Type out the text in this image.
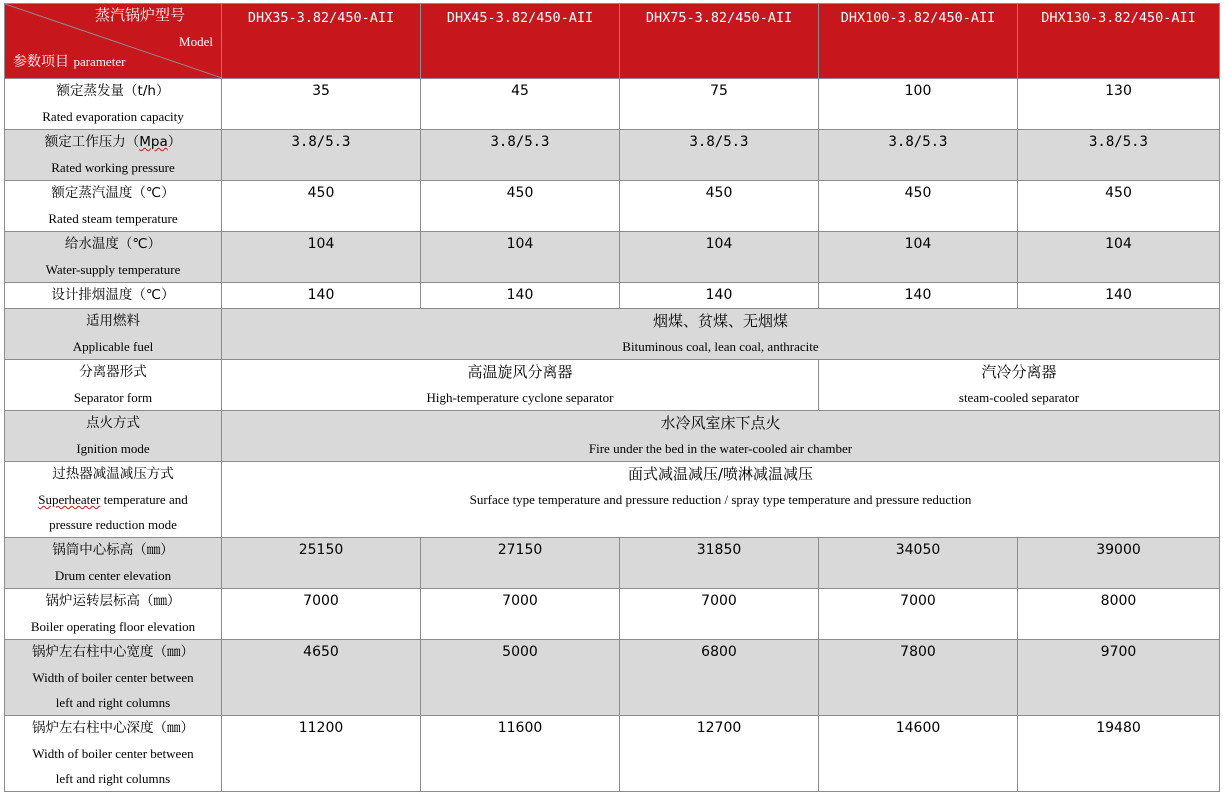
蒸汽锅炉型号
Model
参数项目 parameter	DHX35-3.82/450-AII	DHX45-3.82/450-AII	DHX75-3.82/450-AII	DHX100-3.82/450-AII	DHX130-3.82/450-AII

额定蒸发量（t/h）
Rated evaporation capacity	35	45	75	100	130

额定工作压力（Mpa）
Rated working pressure	3.8/5.3	3.8/5.3	3.8/5.3	3.8/5.3	3.8/5.3

额定蒸汽温度（℃）
Rated steam temperature	450	450	450	450	450

给水温度（℃）
Water-supply temperature	104	104	104	104	104

设计排烟温度（℃）	140	140	140	140	140

适用燃料
Applicable fuel	烟煤、贫煤、无烟煤
Bituminous coal, lean coal, anthracite				

分离器形式
Separator form	高温旋风分离器
High-temperature cyclone separator			汽冷分离器
steam-cooled separator	

点火方式
Ignition mode	水冷风室床下点火
Fire under the bed in the water-cooled air chamber				

过热器减温减压方式
Superheater temperature and
pressure reduction mode	面式减温减压/喷淋减温减压
Surface type temperature and pressure reduction / spray type temperature and pressure reduction				

锅筒中心标高（㎜）
Drum center elevation	25150	27150	31850	34050	39000

锅炉运转层标高（㎜）
Boiler operating floor elevation	7000	7000	7000	7000	8000

锅炉左右柱中心宽度（㎜）
Width of boiler center between
left and right columns	4650	5000	6800	7800	9700

锅炉左右柱中心深度（㎜）
Width of boiler center between
left and right columns	11200	11600	12700	14600	19480
